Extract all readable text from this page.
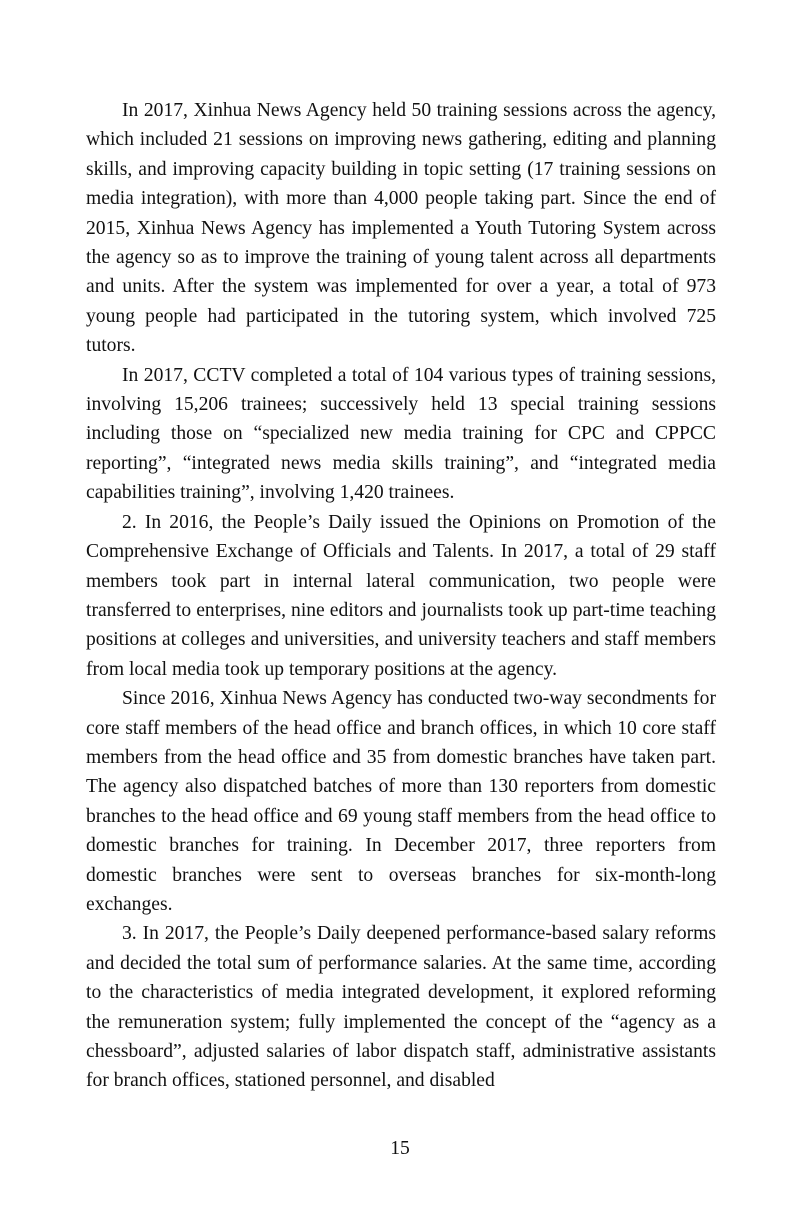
In 2017, Xinhua News Agency held 50 training sessions across the agency, which included 21 sessions on improving news gathering, editing and planning skills, and improving capacity building in topic setting (17 training sessions on media integration), with more than 4,000 people taking part. Since the end of 2015, Xinhua News Agency has implemented a Youth Tutoring System across the agency so as to improve the training of young talent across all departments and units. After the system was implemented for over a year, a total of 973 young people had participated in the tutoring system, which involved 725 tutors.

In 2017, CCTV completed a total of 104 various types of training sessions, involving 15,206 trainees; successively held 13 special training sessions including those on “specialized new media training for CPC and CPPCC reporting”, “integrated news media skills training”, and “integrated media capabilities training”, involving 1,420 trainees.

2. In 2016, the People’s Daily issued the Opinions on Promotion of the Comprehensive Exchange of Officials and Talents. In 2017, a total of 29 staff members took part in internal lateral communication, two people were transferred to enterprises, nine editors and journalists took up part-time teaching positions at colleges and universities, and university teachers and staff members from local media took up temporary positions at the agency.

Since 2016, Xinhua News Agency has conducted two-way secondments for core staff members of the head office and branch offices, in which 10 core staff members from the head office and 35 from domestic branches have taken part. The agency also dispatched batches of more than 130 reporters from domestic branches to the head office and 69 young staff members from the head office to domestic branches for training. In December 2017, three reporters from domestic branches were sent to overseas branches for six-month-long exchanges.

3. In 2017, the People’s Daily deepened performance-based salary reforms and decided the total sum of performance salaries. At the same time, according to the characteristics of media integrated development, it explored reforming the remuneration system; fully implemented the concept of the “agency as a chessboard”, adjusted salaries of labor dispatch staff, administrative assistants for branch offices, stationed personnel, and disabled

15
